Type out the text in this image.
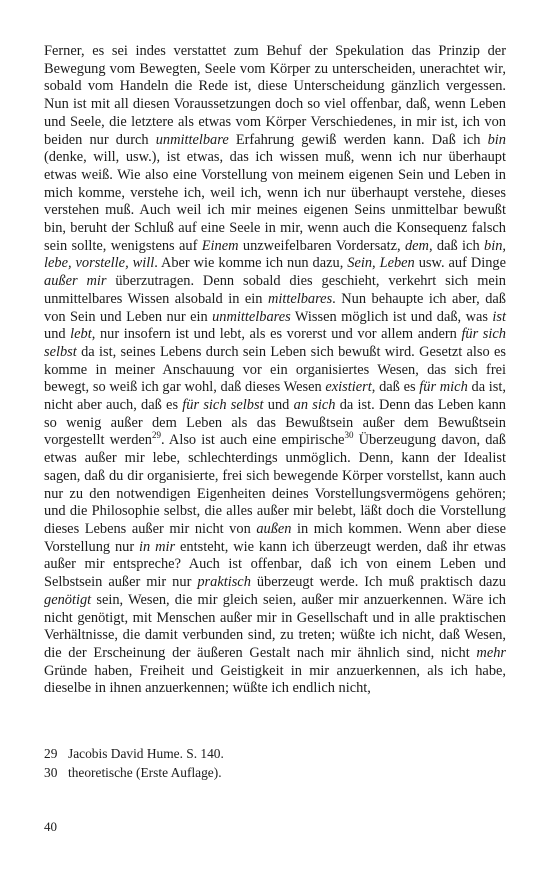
Ferner, es sei indes verstattet zum Behuf der Spekulation das Prinzip der Bewegung vom Bewegten, Seele vom Körper zu unterscheiden, unerachtet wir, sobald vom Handeln die Rede ist, diese Unterscheidung gänzlich vergessen. Nun ist mit all diesen Voraussetzungen doch so viel offenbar, daß, wenn Leben und Seele, die letztere als etwas vom Körper Verschiedenes, in mir ist, ich von beiden nur durch unmittelbare Erfahrung gewiß werden kann. Daß ich bin (denke, will, usw.), ist etwas, das ich wissen muß, wenn ich nur überhaupt etwas weiß. Wie also eine Vorstellung von meinem eigenen Sein und Leben in mich komme, verstehe ich, weil ich, wenn ich nur überhaupt verstehe, dieses verstehen muß. Auch weil ich mir meines eigenen Seins unmittelbar bewußt bin, beruht der Schluß auf eine Seele in mir, wenn auch die Konsequenz falsch sein sollte, wenigstens auf Einem unzweifelbaren Vordersatz, dem, daß ich bin, lebe, vorstelle, will. Aber wie komme ich nun dazu, Sein, Leben usw. auf Dinge außer mir überzutragen. Denn sobald dies geschieht, verkehrt sich mein unmittelbares Wissen alsobald in ein mittelbares. Nun behaupte ich aber, daß von Sein und Leben nur ein unmittelbares Wissen möglich ist und daß, was ist und lebt, nur insofern ist und lebt, als es vorerst und vor allem andern für sich selbst da ist, seines Lebens durch sein Leben sich bewußt wird. Gesetzt also es komme in meiner Anschauung vor ein organisiertes Wesen, das sich frei bewegt, so weiß ich gar wohl, daß dieses Wesen existiert, daß es für mich da ist, nicht aber auch, daß es für sich selbst und an sich da ist. Denn das Leben kann so wenig außer dem Leben als das Bewußtsein außer dem Bewußtsein vorgestellt werden$^{29}$. Also ist auch eine empirische$^{30}$ Überzeugung davon, daß etwas außer mir lebe, schlechterdings unmöglich. Denn, kann der Idealist sagen, daß du dir organisierte, frei sich bewegende Körper vorstellst, kann auch nur zu den notwendigen Eigenheiten deines Vorstellungsvermögens gehören; und die Philosophie selbst, die alles außer mir belebt, läßt doch die Vorstellung dieses Lebens außer mir nicht von außen in mich kommen. Wenn aber diese Vorstellung nur in mir entsteht, wie kann ich überzeugt werden, daß ihr etwas außer mir entspreche? Auch ist offenbar, daß ich von einem Leben und Selbstsein außer mir nur praktisch überzeugt werde. Ich muß praktisch dazu genötigt sein, Wesen, die mir gleich seien, außer mir anzuerkennen. Wäre ich nicht genötigt, mit Menschen außer mir in Gesellschaft und in alle praktischen Verhältnisse, die damit verbunden sind, zu treten; wüßte ich nicht, daß Wesen, die der Erscheinung der äußeren Gestalt nach mir ähnlich sind, nicht mehr Gründe haben, Freiheit und Geistigkeit in mir anzuerkennen, als ich habe, dieselbe in ihnen anzuerkennen; wüßte ich endlich nicht,

29 Jacobis David Hume. S. 140.
30 theoretische (Erste Auflage).
40
